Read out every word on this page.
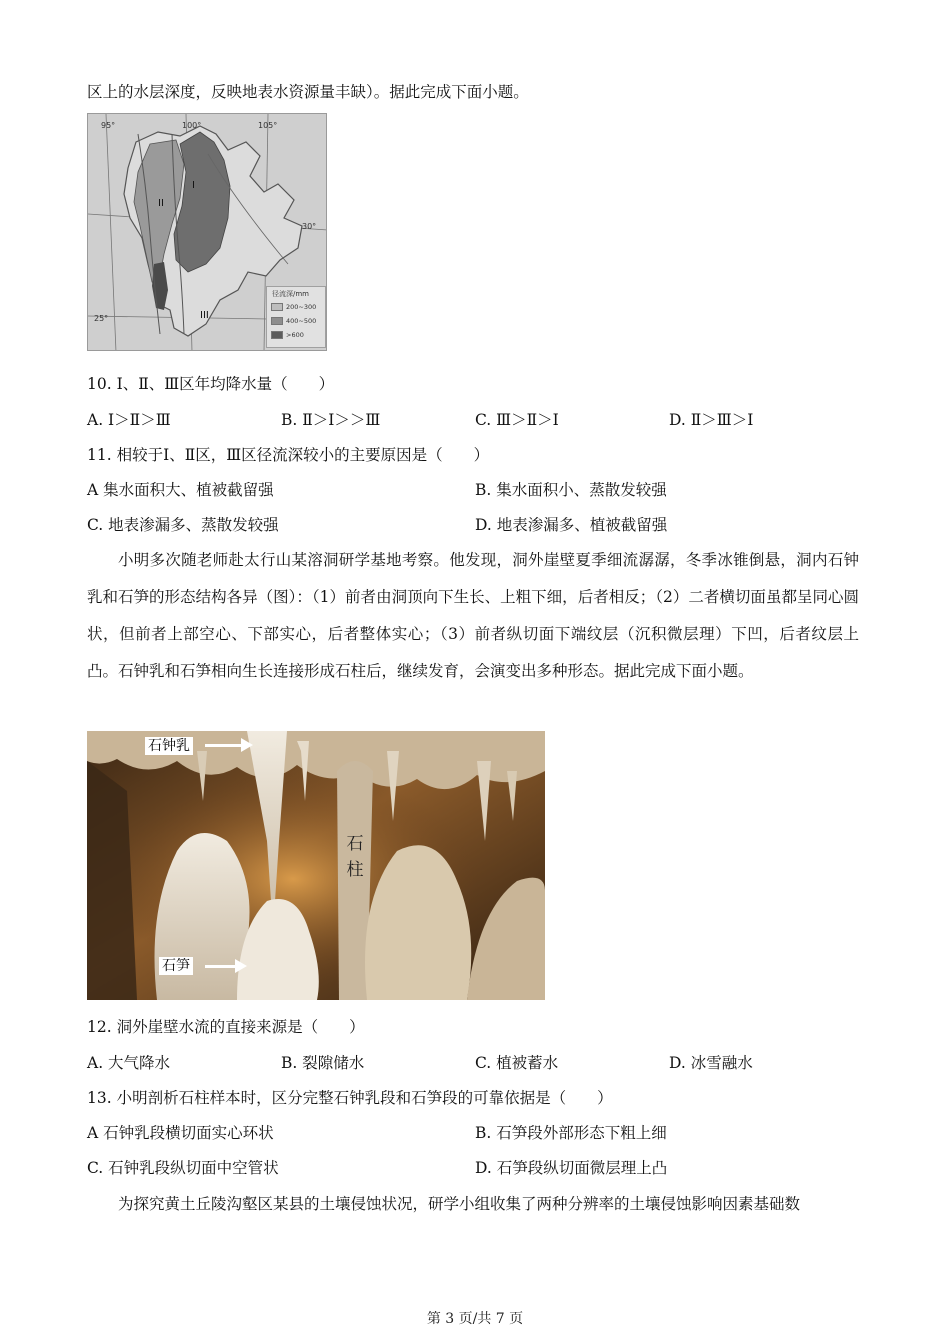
区上的水层深度，反映地表水资源量丰缺）。据此完成下面小题。
95°	100°	105°
30°
25°
I
II
III
径流深/mm
200~300
400~500
>600
10. Ⅰ、Ⅱ、Ⅲ区年均降水量（　　）
A. Ⅰ＞Ⅱ＞Ⅲ	B. Ⅱ＞Ⅰ＞＞Ⅲ	C. Ⅲ＞Ⅱ＞Ⅰ	D. Ⅱ＞Ⅲ＞Ⅰ
11. 相较于Ⅰ、Ⅱ区，Ⅲ区径流深较小的主要原因是（　　）
A 集水面积大、植被截留强	B. 集水面积小、蒸散发较强
C. 地表渗漏多、蒸散发较强	D. 地表渗漏多、植被截留强
小明多次随老师赴太行山某溶洞研学基地考察。他发现，洞外崖壁夏季细流潺潺，冬季冰锥倒悬，洞内石钟乳和石笋的形态结构各异（图）：（1）前者由洞顶向下生长、上粗下细，后者相反；（2）二者横切面虽都呈同心圆状，但前者上部空心、下部实心，后者整体实心；（3）前者纵切面下端纹层（沉积微层理）下凹，后者纹层上凸。石钟乳和石笋相向生长连接形成石柱后，继续发育，会演变出多种形态。据此完成下面小题。
石钟乳
石笋
石柱
12. 洞外崖壁水流的直接来源是（　　）
A. 大气降水	B. 裂隙储水	C. 植被蓄水	D. 冰雪融水
13. 小明剖析石柱样本时，区分完整石钟乳段和石笋段的可靠依据是（　　）
A 石钟乳段横切面实心环状	B. 石笋段外部形态下粗上细
C. 石钟乳段纵切面中空管状	D. 石笋段纵切面微层理上凸
为探究黄土丘陵沟壑区某县的土壤侵蚀状况，研学小组收集了两种分辨率的土壤侵蚀影响因素基础数
第 3 页/共 7 页
